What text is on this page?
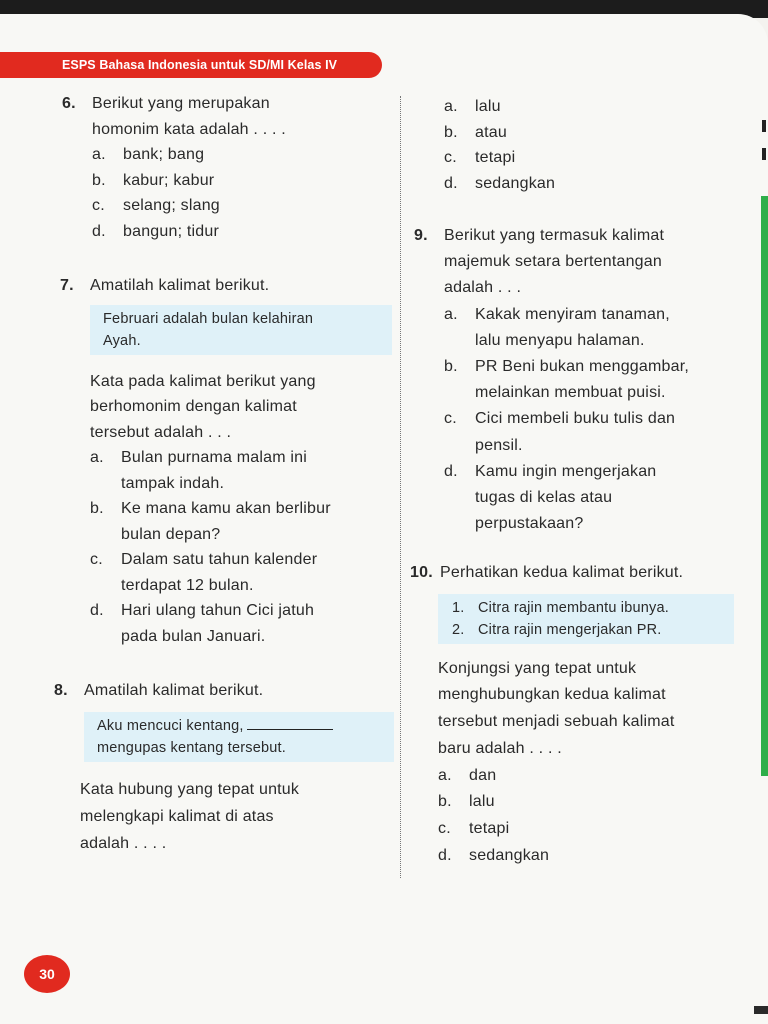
ESPS Bahasa Indonesia untuk SD/MI Kelas IV
6. Berikut yang merupakan
homonim kata adalah . . . .
a. bank; bang
b. kabur; kabur
c. selang; slang
d. bangun; tidur
7. Amatilah kalimat berikut.
Februari adalah bulan kelahiran
Ayah.
Kata pada kalimat berikut yang
berhomonim dengan kalimat
tersebut adalah . . .
a. Bulan purnama malam ini
tampak indah.
b. Ke mana kamu akan berlibur
bulan depan?
c. Dalam satu tahun kalender
terdapat 12 bulan.
d. Hari ulang tahun Cici jatuh
pada bulan Januari.
8. Amatilah kalimat berikut.
Aku mencuci kentang,
mengupas kentang tersebut.
Kata hubung yang tepat untuk
melengkapi kalimat di atas
adalah . . . .
a. lalu
b. atau
c. tetapi
d. sedangkan
9. Berikut yang termasuk kalimat
majemuk setara bertentangan
adalah . . .
a. Kakak menyiram tanaman,
lalu menyapu halaman.
b. PR Beni bukan menggambar,
melainkan membuat puisi.
c. Cici membeli buku tulis dan
pensil.
d. Kamu ingin mengerjakan
tugas di kelas atau
perpustakaan?
10. Perhatikan kedua kalimat berikut.
1. Citra rajin membantu ibunya.
2. Citra rajin mengerjakan PR.
Konjungsi yang tepat untuk
menghubungkan kedua kalimat
tersebut menjadi sebuah kalimat
baru adalah . . . .
a. dan
b. lalu
c. tetapi
d. sedangkan
30
